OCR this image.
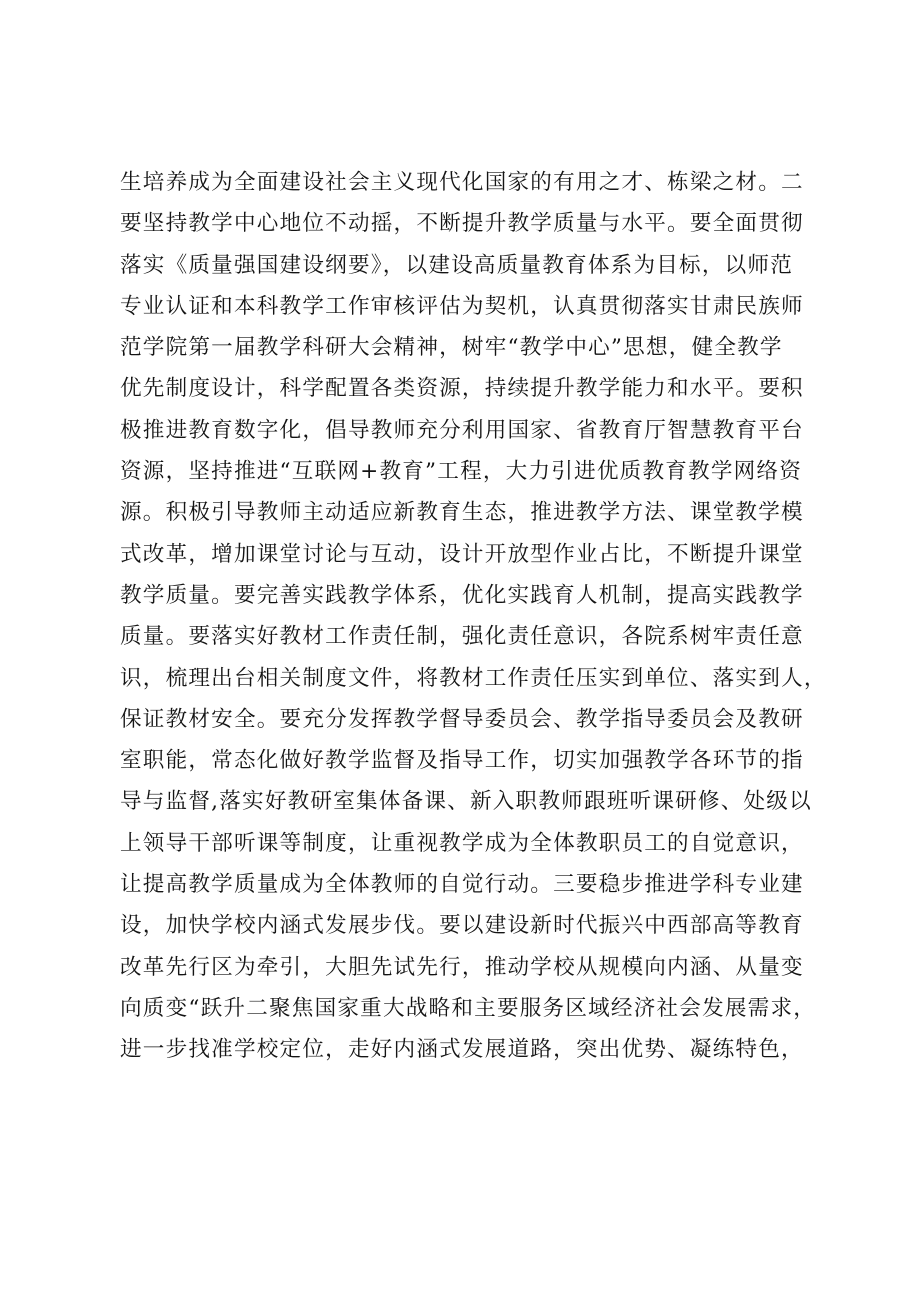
生培养成为全面建设社会主义现代化国家的有用之才、栋梁之材。二
要坚持教学中心地位不动摇，不断提升教学质量与水平。要全面贯彻
落实《质量强国建设纲要》，以建设高质量教育体系为目标，以师范
专业认证和本科教学工作审核评估为契机，认真贯彻落实甘肃民族师
范学院第一届教学科研大会精神，树牢“教学中心”思想，健全教学
优先制度设计，科学配置各类资源，持续提升教学能力和水平。要积
极推进教育数字化，倡导教师充分利用国家、省教育厅智慧教育平台
资源，坚持推进“互联网+教育”工程，大力引进优质教育教学网络资
源。积极引导教师主动适应新教育生态，推进教学方法、课堂教学模
式改革，增加课堂讨论与互动，设计开放型作业占比，不断提升课堂
教学质量。要完善实践教学体系，优化实践育人机制，提高实践教学
质量。要落实好教材工作责任制，强化责任意识，各院系树牢责任意
识，梳理出台相关制度文件，将教材工作责任压实到单位、落实到人，
保证教材安全。要充分发挥教学督导委员会、教学指导委员会及教研
室职能，常态化做好教学监督及指导工作，切实加强教学各环节的指
导与监督,落实好教研室集体备课、新入职教师跟班听课研修、处级以
上领导干部听课等制度，让重视教学成为全体教职员工的自觉意识，
让提高教学质量成为全体教师的自觉行动。三要稳步推进学科专业建
设，加快学校内涵式发展步伐。要以建设新时代振兴中西部高等教育
改革先行区为牵引，大胆先试先行，推动学校从规模向内涵、从量变
向质变“跃升二聚焦国家重大战略和主要服务区域经济社会发展需求，
进一步找准学校定位，走好内涵式发展道路，突出优势、凝练特色，
